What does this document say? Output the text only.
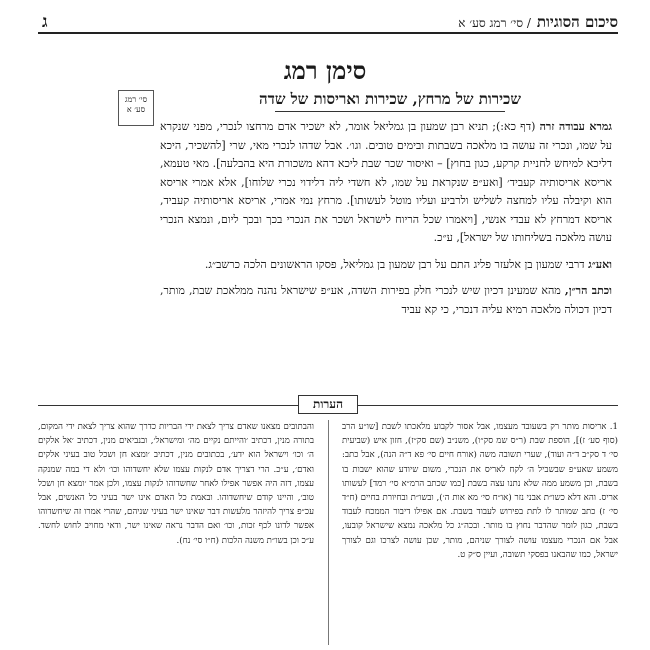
סיכום הסוגיות/ סי׳ רמג סע׳ א
ג
סימן רמג
סי׳ רמג סע׳ א
שכירות של מרחץ, שכירות ואריסות של שדה

גמרא עבודה זרה (דף כא:); תניא רבן שמעון בן גמליאל אומר, לא ישכיר אדם מרחצו לנכרי, מפני שנקרא על שמו, ונכרי זה עושה בו מלאכה בשבתות ובימים טובים. וגו׳. אבל שדהו לנכרי מאי, שרי [להשכיר, היכא דליכא למיחש לחניית קרקע, כגון בחוץ] – ואיסור שכר שבת ליכא דהא משכורת היא בהבלעה]. מאי טעמא, אריסא אריסותיה קעביד׳ [ואע״פ שנקראת על שמו, לא חשדי ליה דלידוי נכרי שלוחו], אלא אמרי אריסא הוא וקיבלה עליו למחצה לשליש ולרביע ועליו מוטל לעשותו]. מרחץ נמי אמרי, אריסא אריסותיה קעביד, אריסא דמרחץ לא עבדי אנשי, [ויאמרו שכל הריוח לישראל ושכר את הנכרי בכך ובכך ליום, ונמצא הנכרי עושה מלאכה בשליחותו של ישראל], ע״כ.

ואע״ג דרבי שמעון בן אלעזר פליג התם על רבן שמעון בן גמליאל, פסקו הראשונים הלכה כרשב״ג.

וכתב הר״ן, מהא שמעינן דכיון שיש לנכרי חלק בפירות השדה, אע״פ שישראל נהנה ממלאכת שבת, מותר, דכיון דכולה מלאכה רמיא עליה דנכרי, כי קא עביד

הערות
1. אריסות מותר רק בשעובד מעצמו, אבל אסור לקבוע מלאכתו לשבת [שו״ע הרב (סוף סע׳ ז)], הוספת שבת (ר״ס שמ סק״ו), משנ״ב (שם סק״ז), חזון איש (שביעית סי׳ ד סק״ב ד״ה ועוד), שערי תשובה משה (אורח חיים סי׳ פא ד״ה הנה), אבל כתב: משמע שאע״פ שבשביל ה׳ לקח לאריס את הנכרי, משום שיודע שהוא ישבות בו בשבת, וכן משמע ממה שלא נתנו עצה בשבת [כמו שכתב הרמ״א סי׳ רמד] לעשותו אריס. והא דלא כשו״ת אבני נזר (או״ח סי׳ מא אות ה׳), ובשו״ת ובחיורת בחיים (ח״ד סי׳ ז) כתב שמותר לו לתת בפירוש לעבוד בשבת. אם אפילו דיבור הממכח לעבוד בשבת, כגון לומר שהדבר נחוץ בו מותר. ובכה״ג כל מלאכה נמצא שישראל קובעו, אבל אם הנכרי מעצמו עושה לצורך שניהם, מותר, שכן עושה לצרכו וגם לצורך ישראל, כמו שהבאנו בפסקי תשובה, ועיין ס״ק ט.
והבתובים מצאנו שאדם צריך לצאת ידי הבריות כדרך שהוא צריך לצאת ידי המקום, בתורה מנין, דכתיב ׳והייתם נקיים מה׳ ומישראל׳, ובנביאים מנין, דכתיב ׳אל אלקים ה׳ וכו׳ וישראל הוא ידע׳, בכתובים מנין, דכתיב ׳ומצא חן ושכל טוב בעיני אלקים ואדם׳, ע״כ. הרי דצריך אדם לנקות עצמו שלא יחשדוהו וכו׳ ולא די במה שמנקה עצמו, דזה היה אפשר אפילו לאחר שחשדוהו לנקות עצמו, ולכן אמר ׳ומצא חן ושכל טוב׳, והיינו קודם שיחשדוהו. ובאמת כל האדם אינו ישר בעיני כל האנשים, אבל עכ״פ צריך להיזהר מלעשות דבר שאינו ישר בעיני שניהם, שהרי אמרו זה שיחשדוהו אפשר לדונו לכף זכות, וכו׳ ואם הדבר נראה שאינו ישר, ודאי מחויב לחוש לחשד. ע״כ וכן בשו״ת משנה הלכות (ח״ו סי׳ נח).
